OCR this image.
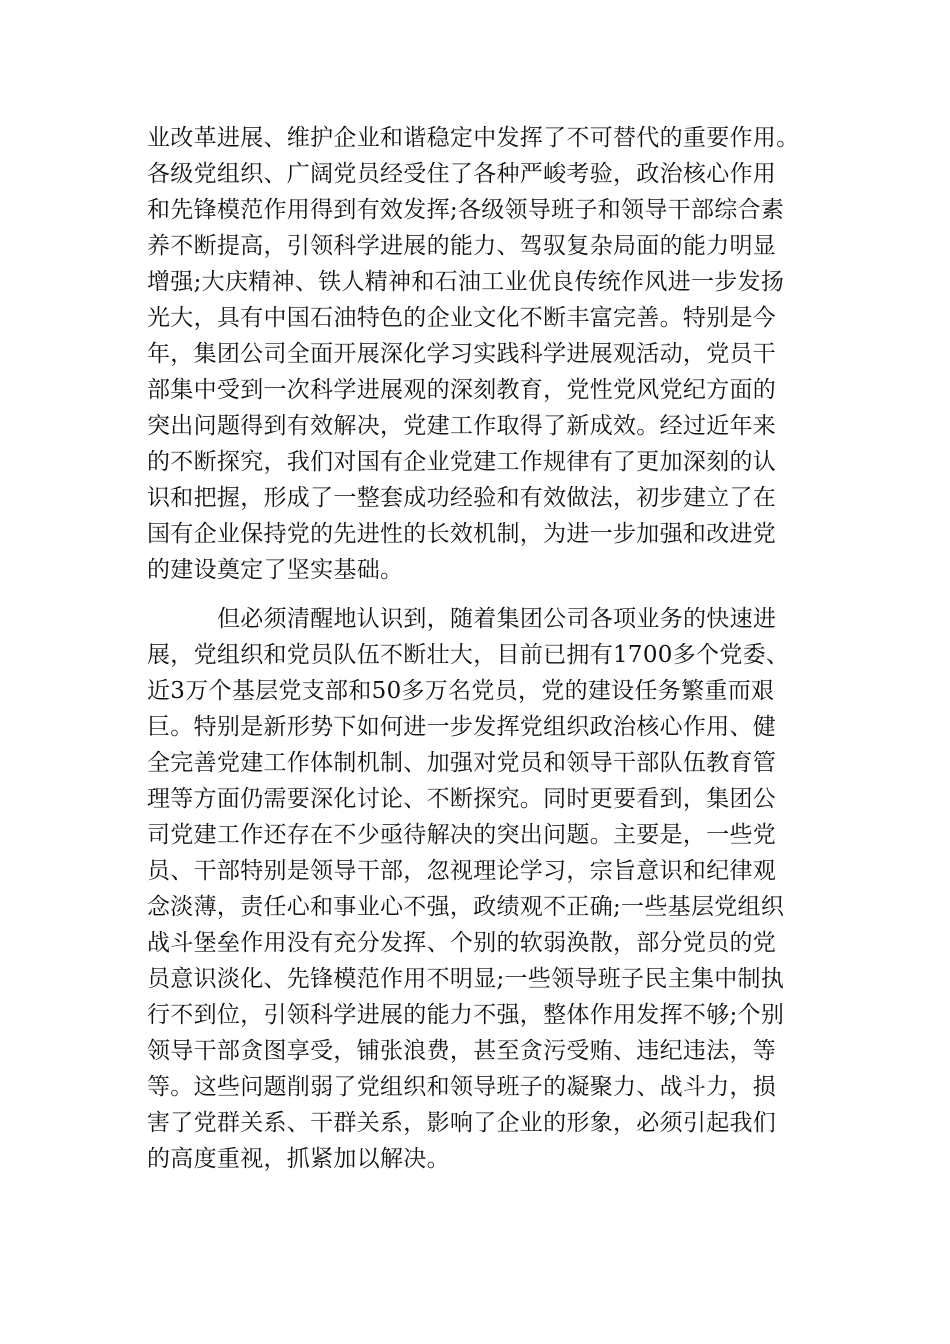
业改革进展、维护企业和谐稳定中发挥了不可替代的重要作用。
各级党组织、广阔党员经受住了各种严峻考验，政治核心作用
和先锋模范作用得到有效发挥;各级领导班子和领导干部综合素
养不断提高，引领科学进展的能力、驾驭复杂局面的能力明显
增强;大庆精神、铁人精神和石油工业优良传统作风进一步发扬
光大，具有中国石油特色的企业文化不断丰富完善。特别是今
年，集团公司全面开展深化学习实践科学进展观活动，党员干
部集中受到一次科学进展观的深刻教育，党性党风党纪方面的
突出问题得到有效解决，党建工作取得了新成效。经过近年来
的不断探究，我们对国有企业党建工作规律有了更加深刻的认
识和把握，形成了一整套成功经验和有效做法，初步建立了在
国有企业保持党的先进性的长效机制，为进一步加强和改进党
的建设奠定了坚实基础。
但必须清醒地认识到，随着集团公司各项业务的快速进
展，党组织和党员队伍不断壮大，目前已拥有1700多个党委、
近3万个基层党支部和50多万名党员，党的建设任务繁重而艰
巨。特别是新形势下如何进一步发挥党组织政治核心作用、健
全完善党建工作体制机制、加强对党员和领导干部队伍教育管
理等方面仍需要深化讨论、不断探究。同时更要看到，集团公
司党建工作还存在不少亟待解决的突出问题。主要是，一些党
员、干部特别是领导干部，忽视理论学习，宗旨意识和纪律观
念淡薄，责任心和事业心不强，政绩观不正确;一些基层党组织
战斗堡垒作用没有充分发挥、个别的软弱涣散，部分党员的党
员意识淡化、先锋模范作用不明显;一些领导班子民主集中制执
行不到位，引领科学进展的能力不强，整体作用发挥不够;个别
领导干部贪图享受，铺张浪费，甚至贪污受贿、违纪违法，等
等。这些问题削弱了党组织和领导班子的凝聚力、战斗力，损
害了党群关系、干群关系，影响了企业的形象，必须引起我们
的高度重视，抓紧加以解决。
